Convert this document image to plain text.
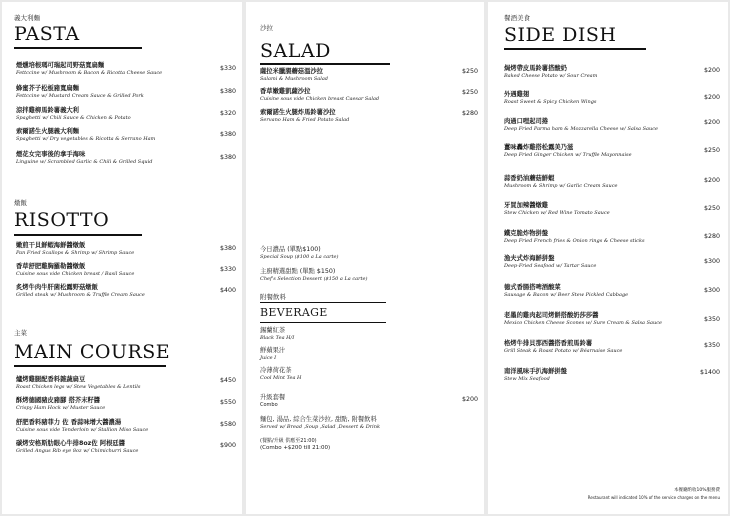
義大利麵
PASTA
煙燻培根瑪可瑞起司野菇寬扁麵
Fettccine w/ Mushroom & Bacon & Ricotta Cheese Sauce
$330
蜂蜜芥子松板豬寬扁麵
Fettccine w/ Mustard Cream Sauce & Grilled Pork
$380
涼拌雞柳馬鈴薯義大利
Spaghetti w/ Chili Sauce & Chicken & Potato
$320
索爾諾生火腿義大利麵
Spaghetti w/ Dry vegetables & Ricotta & Serrano Ham
$380
煙花女完事後的拿手海味
Linguine w/ Scrambled Garlic & Chili & Grilled Squid
$380
燉飯
RISOTTO
嫩煎干貝鮮蝦海鮮醬燉飯
Pan Fried Scallops & Shrimp w/ Shrimp Sauce
$380
香草舒肥雞胸羅勒醬燉飯
Cuisine sous vide Chicken breast / Basil Sauce
$330
炙烤牛肉牛肝菌松露野菇燉飯
Grilled steak w/ Mushroom & Truffle Cream Sauce
$400
主菜
MAIN COURSE
爐烤雞腿配香料雜蔬扁豆
Roast Chicken legs w/ Stew Vegetables & Lentils
$450
酥烤德國豬皮豬腳 搭芥末籽醬
Crispy Ham Hock w/ Muster Sauce
$550
舒肥香料豬菲力 佐 香蒜味增大醬濃湯
Cuisine sous vide Tenderloin w/ Stallion Miso Sauce
$580
碳烤安格斯肋眼心牛排8oz佐 阿根廷醬
Grilled Angus Rib eye 8oz w/ Chimichurri Sauce
$900
沙拉
SALAD
薩拉米臘腸蘑菇溫沙拉
Salami & Mushroom Salad
$250
香草嫩雞凱薩沙拉
Cuisine sous vide Chicken breast Caesar Salad
$250
索爾諾生火腿炸馬鈴薯沙拉
Servano Ham & Fried Potato Salad
$280
今日濃品 (單點$100)
Special Soup ($100 a La carte)
主廚精選甜點 (單點 $150)
Chef's Selection Dessert ($150 a La carte)
附餐飲料
BEVERAGE
錫蘭紅茶
Black Tea H/I
鮮蘋果汁
Juice I
冷薄荷花茶
Cool Mint Tea H
升級套餐
Combo
$200
麵包, 湯品, 綜合生菜沙拉, 甜點, 附餐飲料
Served w/ Bread ,Soup ,Salad ,Dessert & Drink
(餐點/升級 供應至21:00)
(Combo +$200 till 21:00)
餐酒美食
SIDE DISH
焗烤帶皮馬鈴薯搭酸奶
Baked Cheese Potato w/ Sour Cream
$200
外遇雞翅
Roast Sweet & Spicy Chicken Wings
$200
肉過口哩起司捲
Deep Fried Parma ham & Mozzarella Cheese w/ Salsa Sauce
$200
薑味轟炸雞搭松露美乃滋
Deep Fried Ginger Chicken w/ Truffle Mayonnaise
$250
蒜香奶油蘑菇鮮蝦
Mushroom & Shrimp w/ Garlic Cream Sauce
$200
牙買加辣醬燉雞
Stew Chicken w/ Red Wine Tomato Sauce
$250
鐵克脆炸物拼盤
Deep Fried French fries & Onion rings & Cheese sticks
$280
漁夫式炸海鮮拼盤
Deep-Fried Seafood w/ Tartar Sauce
$300
德式香腸搭啤酒酸菜
Sausage & Bacon w/ Beer Stew Pickled Cabbage
$300
老墨的雞肉起司烤餅搭酸奶莎莎醬
Mexico Chicken Cheese Scones w/ Sure Cream & Salsa Sauce	$350
格烤牛排貝那西醬搭香煎馬鈴薯
Grill Steak & Roast Potato w/ Béarnaise Sauce
$350
南洋風味手扒海鮮拼盤
Stew Mix Seafood
$1400
本餐廳酌收10%服務費
Restaurant will indicated 10% of the service charges on the menu
